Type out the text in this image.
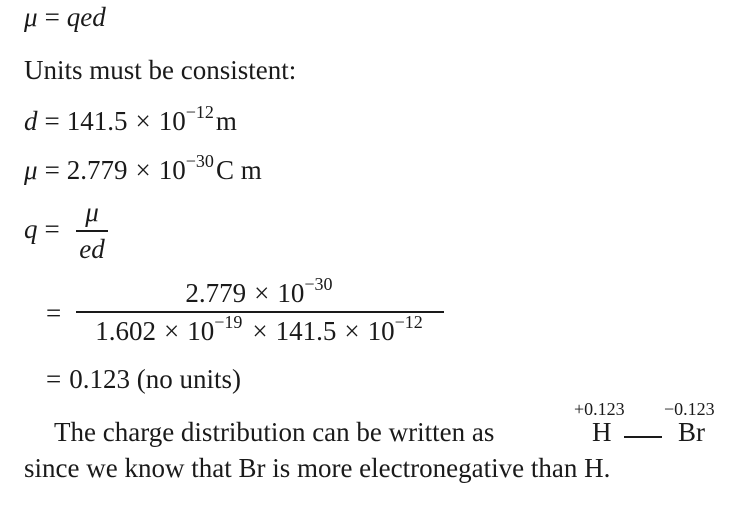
μ = qed
Units must be consistent:
$d = 141.5 \times 10^{-12}m$
$\mu = 2.779 \times 10^{-30}C$ m
q =
μ
ed
=
$2.779 \times 10^{-30}$
$1.602 \times 10^{-19} \times 141.5 \times 10^{-12}$
= 0.123 (no units)
The charge distribution can be written as
+0.123 −0.123
H Br
since we know that Br is more electronegative than H.
